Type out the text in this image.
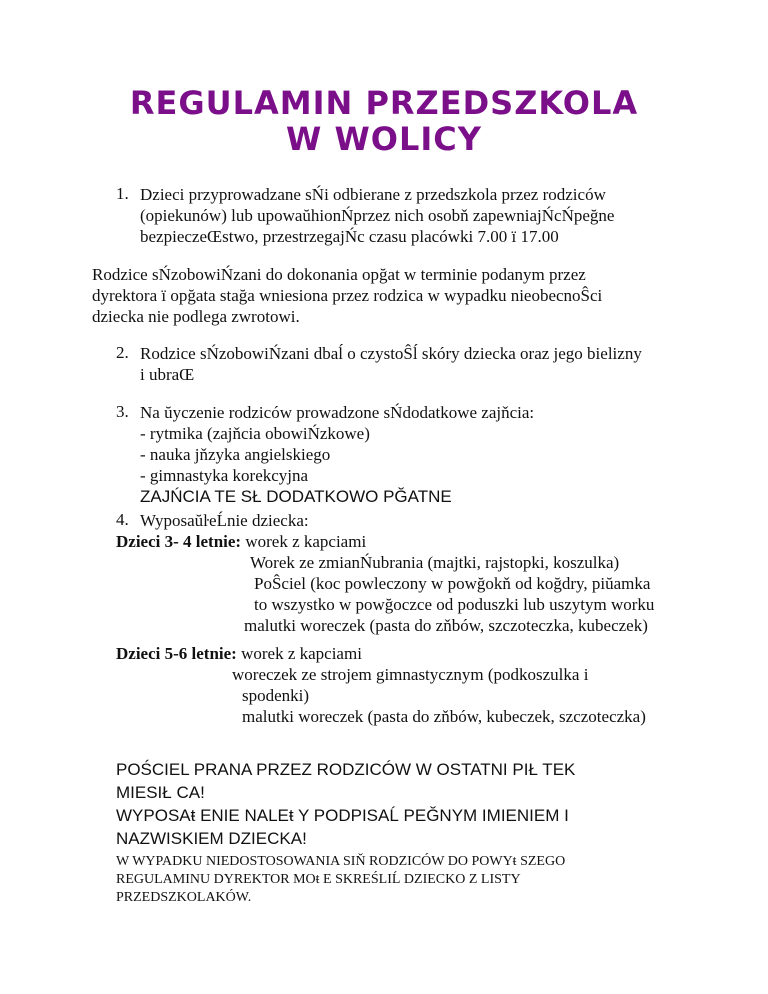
REGULAMIN PRZEDSZKOLA
W WOLICY
1. Dzieci przyprowadzane sŃi odbierane z przedszkola przez rodziców
(opiekunów) lub upowaŭhionŃprzez nich osobň zapewniajŃcŃpeğne
bezpieczeŒstwo, przestrzegajŃc czasu placówki 7.00 ï 17.00
Rodzice sŃzobowiŃzani do dokonania opğat w terminie podanym przez
dyrektora ï opğata stağa wniesiona przez rodzica w wypadku nieobecnoŜci
dziecka nie podlega zwrotowi.
2. Rodzice sŃzobowiŃzani dbaĺ o czystoŜĺ skóry dziecka oraz jego bielizny
i ubraŒ
3. Na ŭyczenie rodziców prowadzone sŃdodatkowe zajňcia:
- rytmika (zajňcia obowiŃzkowe)
- nauka jňzyka angielskiego
- gimnastyka korekcyjna
ZAJŃCIA TE SŁ DODATKOWO PĞATNE
4. WyposaŭŀeĹnie dziecka:
Dzieci 3- 4 letnie: worek z kapciami
Worek ze zmianŃubrania (majtki, rajstopki, koszulka)
PoŜciel (koc powleczony w powğokň od koğdry, piŭamka
to wszystko w powğoczce od poduszki lub uszytym worku
malutki woreczek (pasta do zňbów, szczoteczka, kubeczek)
Dzieci 5-6 letnie: worek z kapciami
woreczek ze strojem gimnastycznym (podkoszulka i
spodenki)
malutki woreczek (pasta do zňbów, kubeczek, szczoteczka)
POŚCIEL PRANA PRZEZ RODZICÓW W OSTATNI PIŁ TEK
MIESIŁ CA!
WYPOSAŧ ENIE NALEŧ Y PODPISAĹ PEĞNYM IMIENIEM I
NAZWISKIEM DZIECKA!
W WYPADKU NIEDOSTOSOWANIA SIŇ RODZICÓW DO POWYŧ SZEGO
REGULAMINU DYREKTOR MOŧ E SKREŚLIĹ DZIECKO Z LISTY
PRZEDSZKOLAKÓW.
